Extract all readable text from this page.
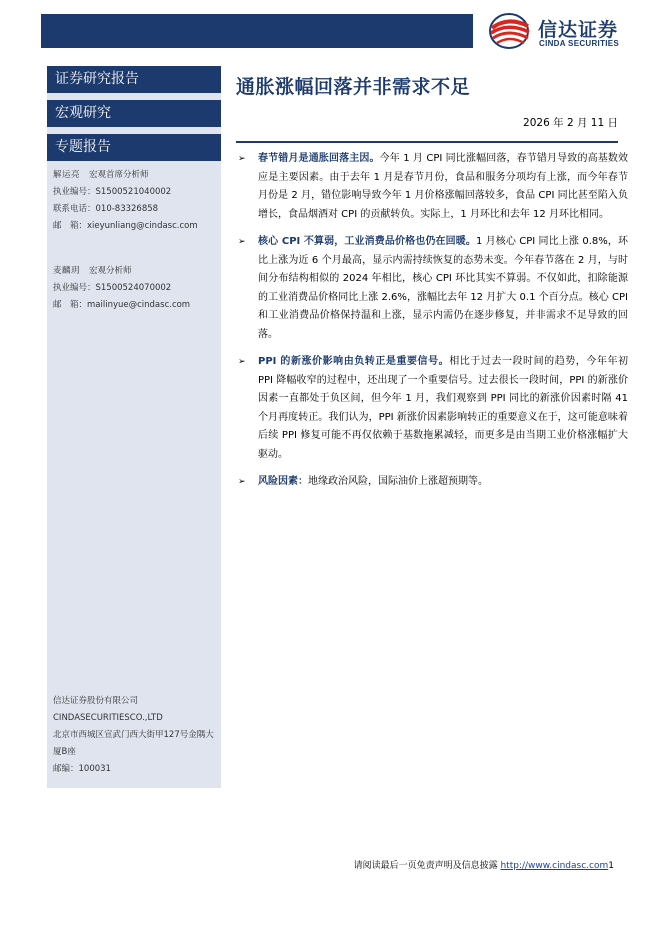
信达证券
CINDA SECURITIES
证券研究报告
宏观研究
专题报告
解运亮 宏观首席分析师
执业编号：S1500521040002
联系电话：010-83326858
邮　箱：xieyunliang@cindasc.com
麦麟玥 宏观分析师
执业编号：S1500524070002
邮　箱：mailinyue@cindasc.com
信达证券股份有限公司
CINDASECURITIESCO.,LTD
北京市西城区宣武门西大街甲127号金隅大厦B座
邮编：100031
通胀涨幅回落并非需求不足
2026 年 2 月 11 日
➢ 春节错月是通胀回落主因。今年 1 月 CPI 同比涨幅回落，春节错月导致的高基数效应是主要因素。由于去年 1 月是春节月份，食品和服务分项均有上涨，而今年春节月份是 2 月，错位影响导致今年 1 月价格涨幅回落较多，食品 CPI 同比甚至陷入负增长，食品烟酒对 CPI 的贡献转负。实际上，1 月环比和去年 12 月环比相同。
➢ 核心 CPI 不算弱，工业消费品价格也仍在回暖。1 月核心 CPI 同比上涨 0.8%，环比上涨为近 6 个月最高，显示内需持续恢复的态势未变。今年春节落在 2 月，与时间分布结构相似的 2024 年相比，核心 CPI 环比其实不算弱。不仅如此，扣除能源的工业消费品价格同比上涨 2.6%，涨幅比去年 12 月扩大 0.1 个百分点。核心 CPI 和工业消费品价格保持温和上涨，显示内需仍在逐步修复，并非需求不足导致的回落。
➢ PPI 的新涨价影响由负转正是重要信号。相比于过去一段时间的趋势，今年年初 PPI 降幅收窄的过程中，还出现了一个重要信号。过去很长一段时间，PPI 的新涨价因素一直都处于负区间，但今年 1 月，我们观察到 PPI 同比的新涨价因素时隔 41 个月再度转正。我们认为，PPI 新涨价因素影响转正的重要意义在于，这可能意味着后续 PPI 修复可能不再仅依赖于基数拖累减轻，而更多是由当期工业价格涨幅扩大驱动。
➢ 风险因素：地缘政治风险，国际油价上涨超预期等。
请阅读最后一页免责声明及信息披露 http://www.cindasc.com1
